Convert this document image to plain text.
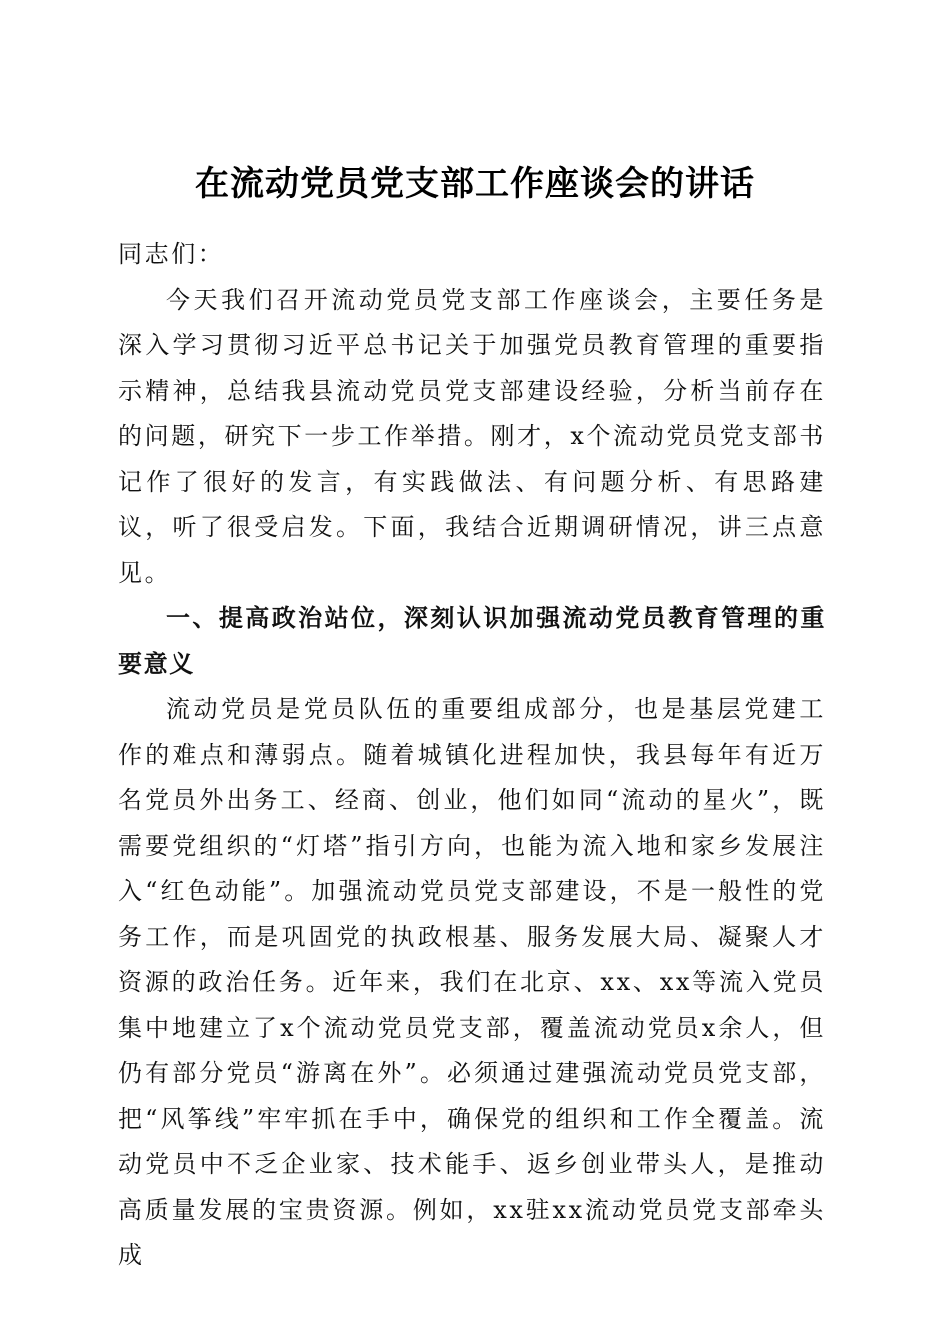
在流动党员党支部工作座谈会的讲话

同志们：

今天我们召开流动党员党支部工作座谈会，主要任务是深入学习贯彻习近平总书记关于加强党员教育管理的重要指示精神，总结我县流动党员党支部建设经验，分析当前存在的问题，研究下一步工作举措。刚才，x个流动党员党支部书记作了很好的发言，有实践做法、有问题分析、有思路建议，听了很受启发。下面，我结合近期调研情况，讲三点意见。

一、提高政治站位，深刻认识加强流动党员教育管理的重要意义

流动党员是党员队伍的重要组成部分，也是基层党建工作的难点和薄弱点。随着城镇化进程加快，我县每年有近万名党员外出务工、经商、创业，他们如同“流动的星火”，既需要党组织的“灯塔”指引方向，也能为流入地和家乡发展注入“红色动能”。加强流动党员党支部建设，不是一般性的党务工作，而是巩固党的执政根基、服务发展大局、凝聚人才资源的政治任务。近年来，我们在北京、xx、xx等流入党员集中地建立了x个流动党员党支部，覆盖流动党员x余人，但仍有部分党员“游离在外”。必须通过建强流动党员党支部，把“风筝线”牢牢抓在手中，确保党的组织和工作全覆盖。流动党员中不乏企业家、技术能手、返乡创业带头人，是推动高质量发展的宝贵资源。例如，xx驻xx流动党员党支部牵头成
